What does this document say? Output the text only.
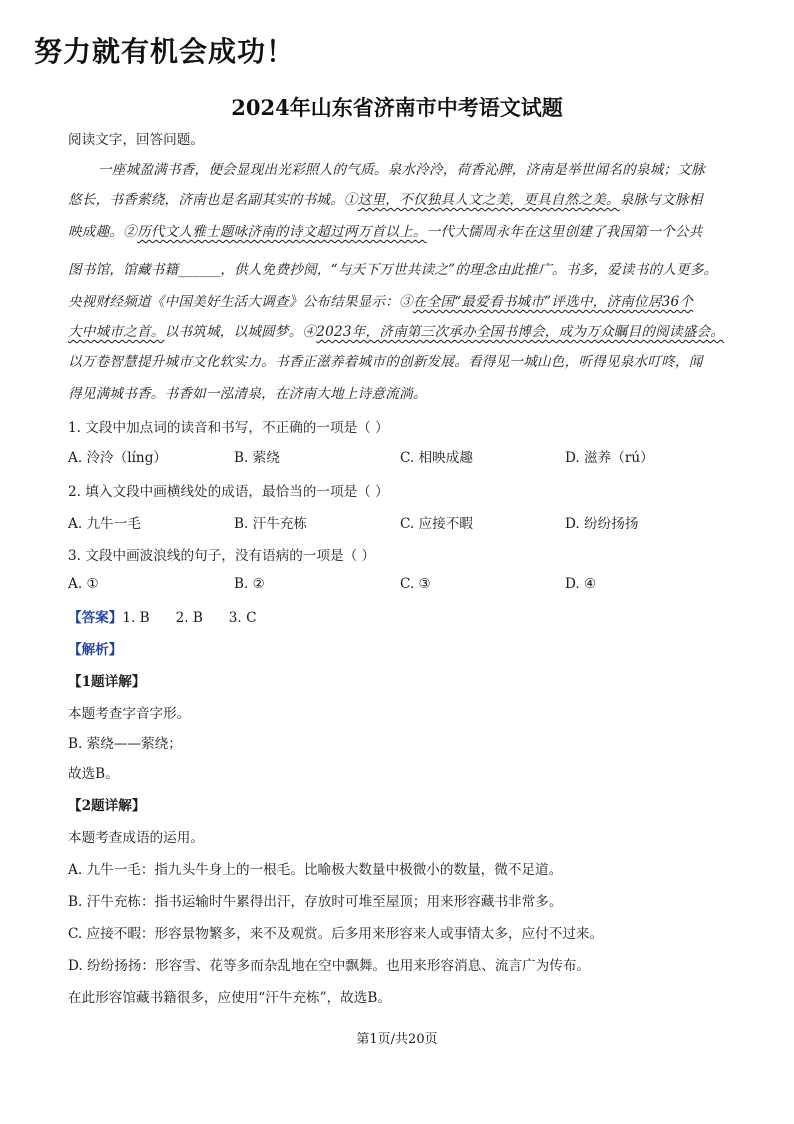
努力就有机会成功！
2024年山东省济南市中考语文试题
阅读文字，回答问题。
一座城盈满书香，便会显现出光彩照人的气质。泉水泠泠，荷香沁脾，济南是举世闻名的泉城；文脉
悠长，书香萦绕，济南也是名副其实的书城。①这里，不仅独具人文之美，更具自然之美。泉脉与文脉相
映成趣。②历代文人雅士题咏济南的诗文超过两万首以上。一代大儒周永年在这里创建了我国第一个公共
图书馆，馆藏书籍______，供人免费抄阅，“与天下万世共读之”的理念由此推广。书多，爱读书的人更多。
央视财经频道《中国美好生活大调查》公布结果显示：③在全国“最爱看书城市”评选中，济南位居36个
大中城市之首。以书筑城，以城圆梦。④2023年，济南第三次承办全国书博会，成为万众瞩目的阅读盛会。
以万卷智慧提升城市文化软实力。书香正滋养着城市的创新发展。看得见一城山色，听得见泉水叮咚，闻
得见满城书香。书香如一泓清泉，在济南大地上诗意流淌。
1. 文段中加点词的读音和书写，不正确的一项是（ ）
A. 泠泠（líng）	B. 萦绕	C. 相映成趣	D. 滋养（rú）
2. 填入文段中画横线处的成语，最恰当的一项是（ ）
A. 九牛一毛	B. 汗牛充栋	C. 应接不暇	D. 纷纷扬扬
3. 文段中画波浪线的句子，没有语病的一项是（ ）
A. ①	B. ②	C. ③	D. ④
【答案】1. B      2. B      3. C
【解析】
【1题详解】
本题考查字音字形。
B. 萦绕——萦绕；
故选B。
【2题详解】
本题考查成语的运用。
A. 九牛一毛：指九头牛身上的一根毛。比喻极大数量中极微小的数量，微不足道。
B. 汗牛充栋：指书运输时牛累得出汗，存放时可堆至屋顶；用来形容藏书非常多。
C. 应接不暇：形容景物繁多，来不及观赏。后多用来形容来人或事情太多，应付不过来。
D. 纷纷扬扬：形容雪、花等多而杂乱地在空中飘舞。也用来形容消息、流言广为传布。
在此形容馆藏书籍很多，应使用“汗牛充栋”，故选B。
第1页/共20页
